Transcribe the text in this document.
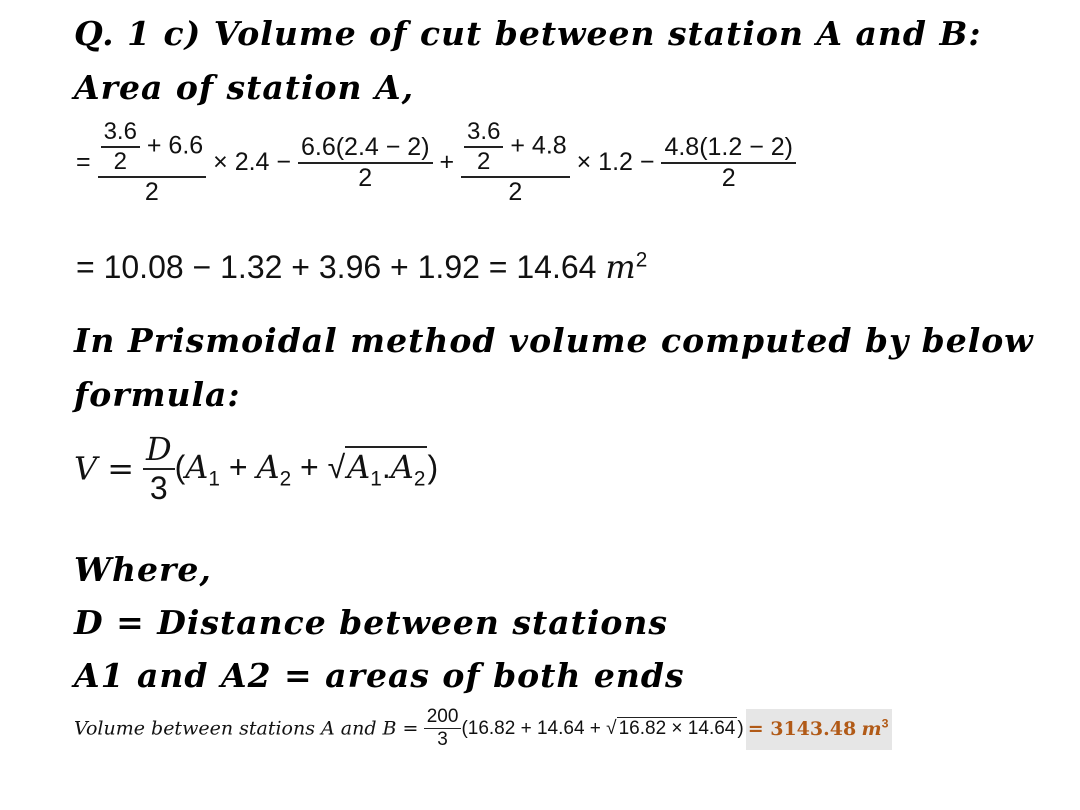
Q. 1 c) Volume of cut between station A and B:
Area of station A,
= $\frac{\frac{3.6}{2} + 6.6}{2} \times 2.4 - \frac{6.6(2.4 - 2)}{2} + \frac{\frac{3.6}{2} + 4.8}{2} \times 1.2 - \frac{4.8(1.2 - 2)}{2}$
= 10.08 − 1.32 + 3.96 + 1.92 = 14.64 $m^2$
In Prismoidal method volume computed by below
formula:
$V = \frac{D}{3} (A_1 + A_2 + √A_1.A_2)$
Where,
D = Distance between stations
A1 and A2 = areas of both ends
Volume between stations A and $B = \frac{200}{3} (16.82 + 14.64$ + √ 16.82 × 14.64 ) = 3143.48 $m^3$
